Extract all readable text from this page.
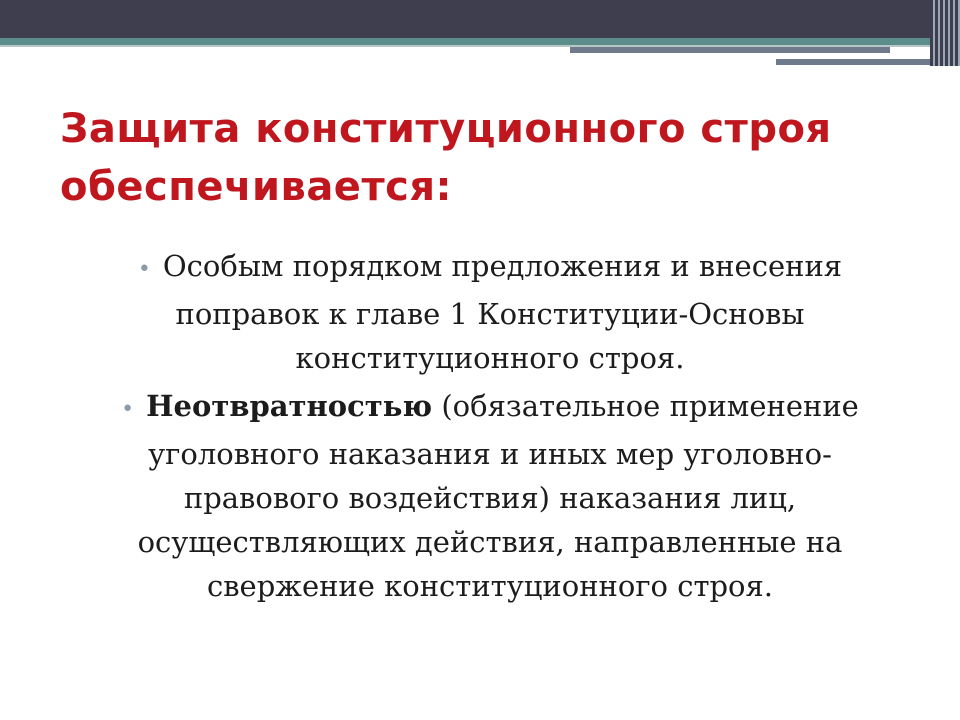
Защита конституционного строя обеспечивается:
• Особым порядком предложения и внесения поправок к главе 1 Конституции-Основы конституционного строя.
• Неотвратностью (обязательное применение уголовного наказания и иных мер уголовно-правового воздействия) наказания лиц, осуществляющих действия, направленные на свержение конституционного строя.
